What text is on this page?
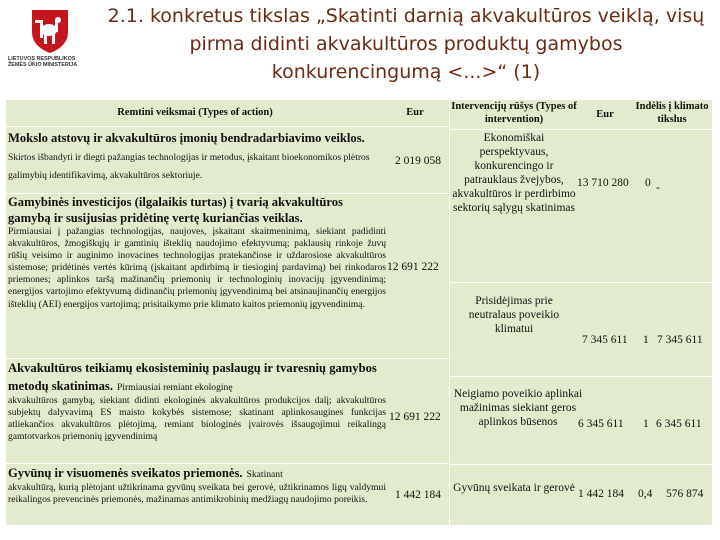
LIETUVOS RESPUBLIKOS
ŽEMĖS ŪKIO MINISTERIJA
2.1. konkretus tikslas „Skatinti darnią akvakultūros veiklą, visų
pirma didinti akvakultūros produktų gamybos
konkurencingumą <...>“ (1)
Remtini veiksmai (Types of action)	Eur
Mokslo atstovų ir akvakultūros įmonių bendradarbiavimo veiklos. Skirtos išbandyti ir diegti pažangias technologijas ir metodus, įskaitant bioekonomikos plėtros galimybių identifikavimą, akvakultūros sektoriuje.
2 019 058
Gamybinės investicijos (ilgalaikis turtas) į tvarią akvakultūros gamybą ir susijusias pridėtinę vertę kuriančias veiklas.
Pirmiausiai į pažangias technologijas, naujoves, įskaitant skaitmeninimą, siekiant padidinti akvakultūros, žmogiškųjų ir gamtinių išteklių naudojimo efektyvumą; paklausių rinkoje žuvų rūšių veisimo ir auginimo inovacines technologijas pratekančiose ir uždarosiose akvakultūros sistemose; pridėtinės vertės kūrimą (įskaitant apdirbimą ir tiesioginį pardavimą) bei rinkodaros priemones; aplinkos taršą mažinančių priemonių ir technologinių inovacijų įgyvendinimą; energijos vartojimo efektyvumą didinančių priemonių įgyvendinimą bei atsinaujinančių energijos išteklių (AEI) energijos vartojimą; prisitaikymo prie klimato kaitos priemonių įgyvendinimą.
12 691 222
Akvakultūros teikiamų ekosisteminių paslaugų ir tvaresnių gamybos metodų skatinimas. Pirmiausiai remiant ekologinę
akvakultūros gamybą, siekiant didinti ekologinės akvakultūros produkcijos dalį; akvakultūros subjektų dalyvavimą ES maisto kokybės sistemose; skatinant aplinkosaugines funkcijas atliekančios akvakultūros plėtojimą, remiant biologinės įvairovės išsaugojimui reikalingą gamtotvarkos priemonių įgyvendinimą
12 691 222
Gyvūnų ir visuomenės sveikatos priemonės. Skatinant
akvakultūrą, kurią plėtojant užtikrinama gyvūnų sveikata bei gerovė, užtikrinamos ligų valdymui reikalingos prevencinės priemonės, mažinamas antimikrobinių medžiagų naudojimo poreikis.	1 442 184
Intervencijų rūšys (Types of intervention)	Eur
Indėlis į klimato tikslus
Ekonomiškai perspektyvaus, konkurencingo ir patrauklaus žvejybos, akvakultūros ir perdirbimo sektorių sąlygų skatinimas
13 710 280	0 -
Prisidėjimas prie neutralaus poveikio klimatui
7 345 611	1 7 345 611
Neigiamo poveikio aplinkai mažinimas siekiant geros aplinkos būsenos	6 345 611	1 6 345 611
Gyvūnų sveikata ir gerovė 1 442 184	0,4	576 874
